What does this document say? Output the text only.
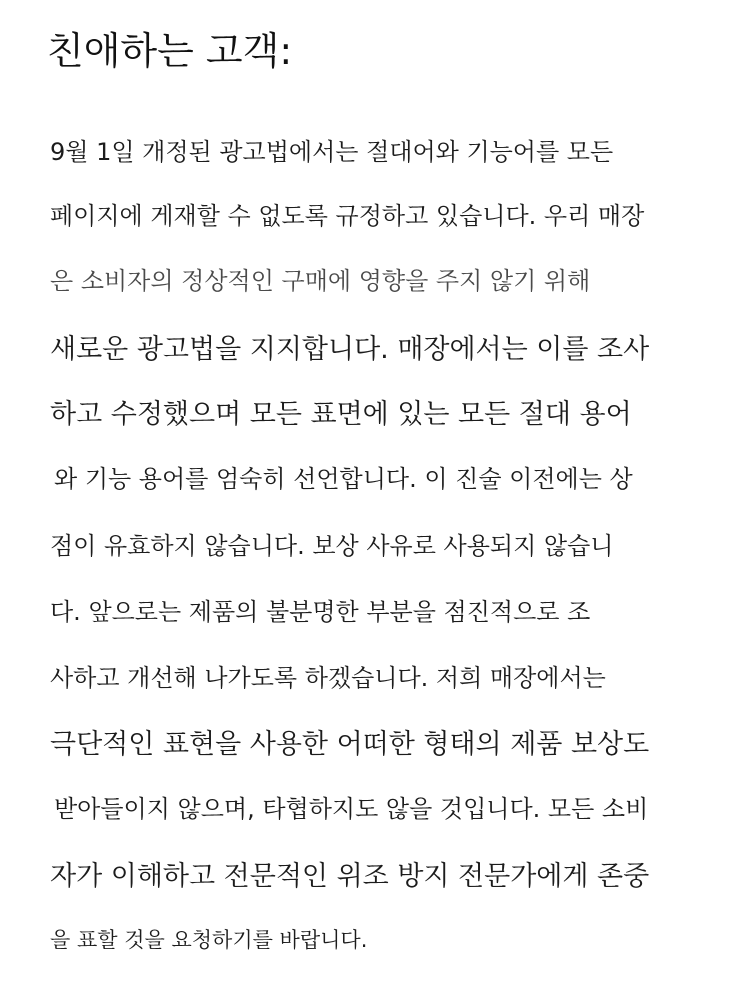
친애하는 고객:
9월 1일 개정된 광고법에서는 절대어와 기능어를 모든
페이지에 게재할 수 없도록 규정하고 있습니다. 우리 매장
은 소비자의 정상적인 구매에 영향을 주지 않기 위해
새로운 광고법을 지지합니다. 매장에서는 이를 조사
하고 수정했으며 모든 표면에 있는 모든 절대 용어
와 기능 용어를 엄숙히 선언합니다. 이 진술 이전에는 상
점이 유효하지 않습니다. 보상 사유로 사용되지 않습니
다. 앞으로는 제품의 불분명한 부분을 점진적으로 조
사하고 개선해 나가도록 하겠습니다. 저희 매장에서는
극단적인 표현을 사용한 어떠한 형태의 제품 보상도
받아들이지 않으며, 타협하지도 않을 것입니다. 모든 소비
자가 이해하고 전문적인 위조 방지 전문가에게 존중
을 표할 것을 요청하기를 바랍니다.
